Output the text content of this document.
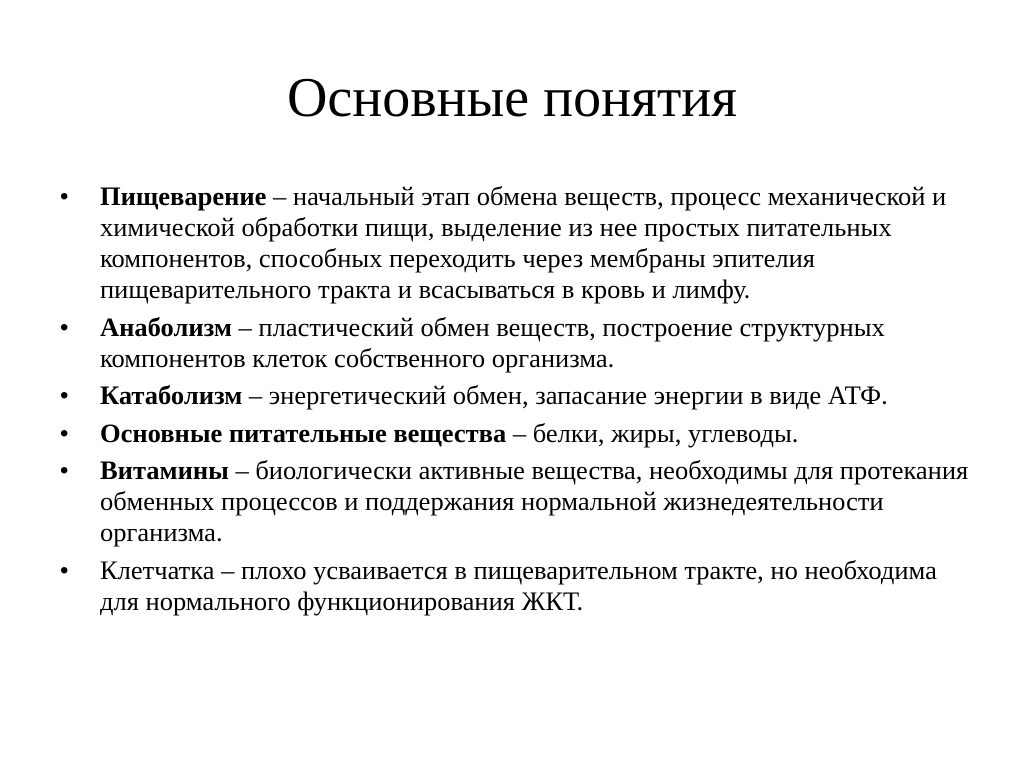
Основные понятия
•	Пищеварение – начальный этап обмена веществ, процесс механической и химической обработки пищи, выделение из нее простых питательных компонентов, способных переходить через мембраны эпителия пищеварительного тракта и всасываться в кровь и лимфу.
•	Анаболизм – пластический обмен веществ, построение структурных компонентов клеток собственного организма.
•	Катаболизм – энергетический обмен, запасание энергии в виде АТФ.
•	Основные питательные вещества – белки, жиры, углеводы.
•	Витамины – биологически активные вещества, необходимы для протекания обменных процессов и поддержания нормальной жизнедеятельности организма.
•	Клетчатка – плохо усваивается в пищеварительном тракте, но необходима для нормального функционирования ЖКТ.
